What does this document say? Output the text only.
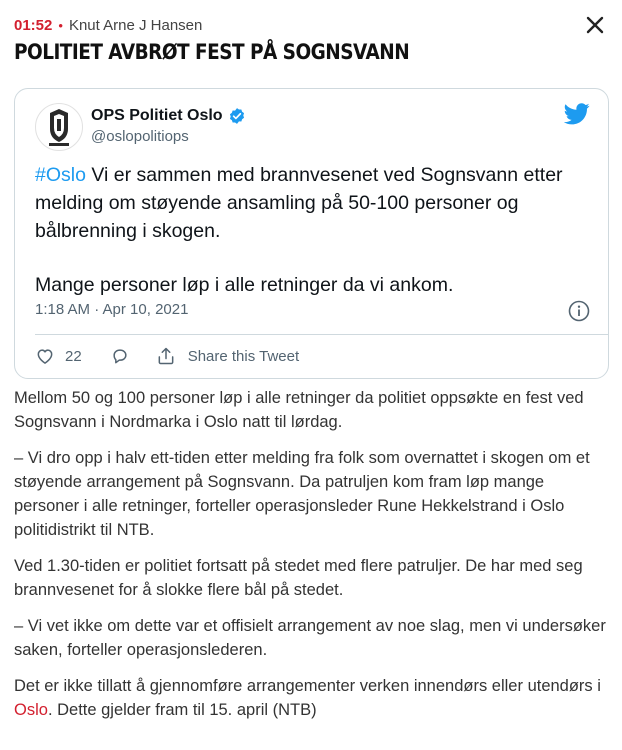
01:52 • Knut Arne J Hansen
POLITIET AVBRØT FEST PÅ SOGNSVANN
OPS Politiet Oslo
@oslopolitiops

#Oslo Vi er sammen med brannvesenet ved Sognsvann etter melding om støyende ansamling på 50-100 personer og bålbrenning i skogen.

Mange personer løp i alle retninger da vi ankom.

1:18 AM · Apr 10, 2021
22	Share this Tweet

Mellom 50 og 100 personer løp i alle retninger da politiet oppsøkte en fest ved Sognsvann i Nordmarka i Oslo natt til lørdag.

– Vi dro opp i halv ett-tiden etter melding fra folk som overnattet i skogen om et støyende arrangement på Sognsvann. Da patruljen kom fram løp mange personer i alle retninger, forteller operasjonsleder Rune Hekkelstrand i Oslo politidistrikt til NTB.

Ved 1.30-tiden er politiet fortsatt på stedet med flere patruljer. De har med seg brannvesenet for å slokke flere bål på stedet.

– Vi vet ikke om dette var et offisielt arrangement av noe slag, men vi undersøker saken, forteller operasjonslederen.

Det er ikke tillatt å gjennomføre arrangementer verken innendørs eller utendørs i Oslo. Dette gjelder fram til 15. april (NTB)
